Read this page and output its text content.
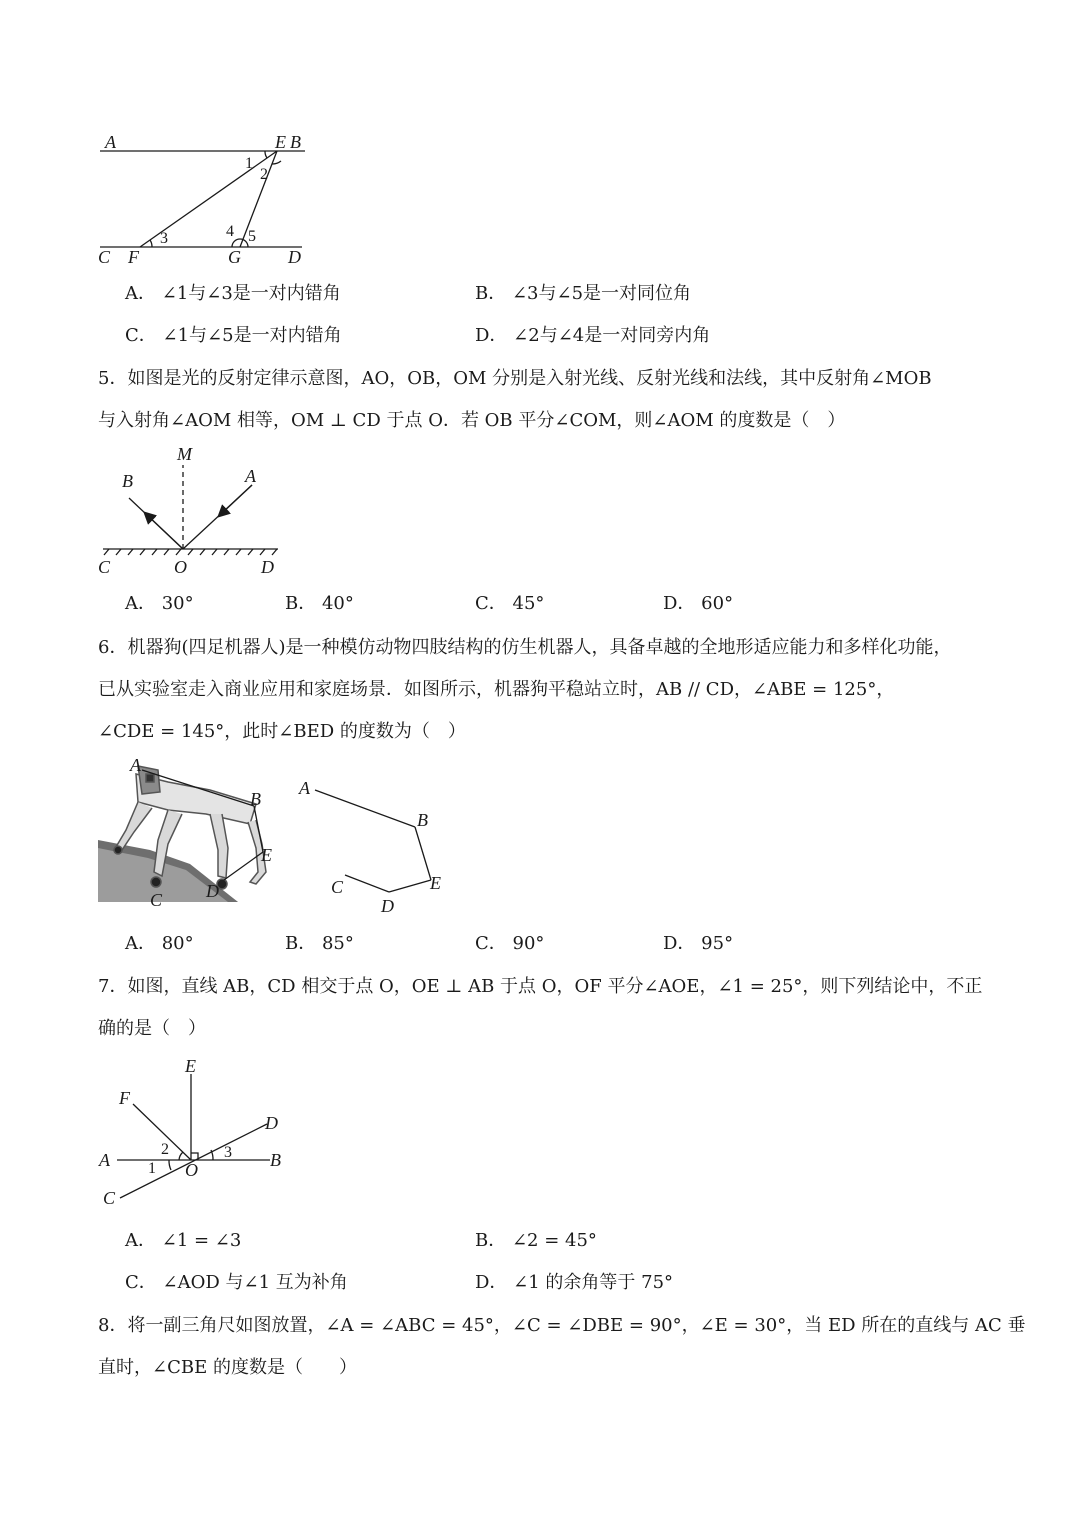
A	E B
1
2
3	4 5
C F	G	D
A． ∠1与∠3是一对内错角	B． ∠3与∠5是一对同位角
C． ∠1与∠5是一对内错角	D． ∠2与∠4是一对同旁内角
5．如图是光的反射定律示意图，AO，OB，OM 分别是入射光线、反射光线和法线，其中反射角∠MOB
与入射角∠AOM 相等，OM ⊥ CD 于点 O．若 OB 平分∠COM，则∠AOM 的度数是（　）
M
B	A
C	O	D
A． 30°	B． 40°	C． 45°	D． 60°
6．机器狗(四足机器人)是一种模仿动物四肢结构的仿生机器人，具备卓越的全地形适应能力和多样化功能，
已从实验室走入商业应用和家庭场景．如图所示，机器狗平稳站立时，AB // CD，∠ABE = 125°，
∠CDE = 145°，此时∠BED 的度数为（　）
A
B
E
C D
A
B
E
C
D
A． 80°	B． 85°	C． 90°	D． 95°
7．如图，直线 AB，CD 相交于点 O，OE ⊥ AB 于点 O，OF 平分∠AOE，∠1 = 25°，则下列结论中，不正
确的是（　）
E
F
D
A	B
O
C
1
2	3
A． ∠1 = ∠3	B． ∠2 = 45°
C． ∠AOD 与∠1 互为补角	D． ∠1 的余角等于 75°
8．将一副三角尺如图放置，∠A = ∠ABC = 45°，∠C = ∠DBE = 90°，∠E = 30°，当 ED 所在的直线与 AC 垂
直时，∠CBE 的度数是（　　）
